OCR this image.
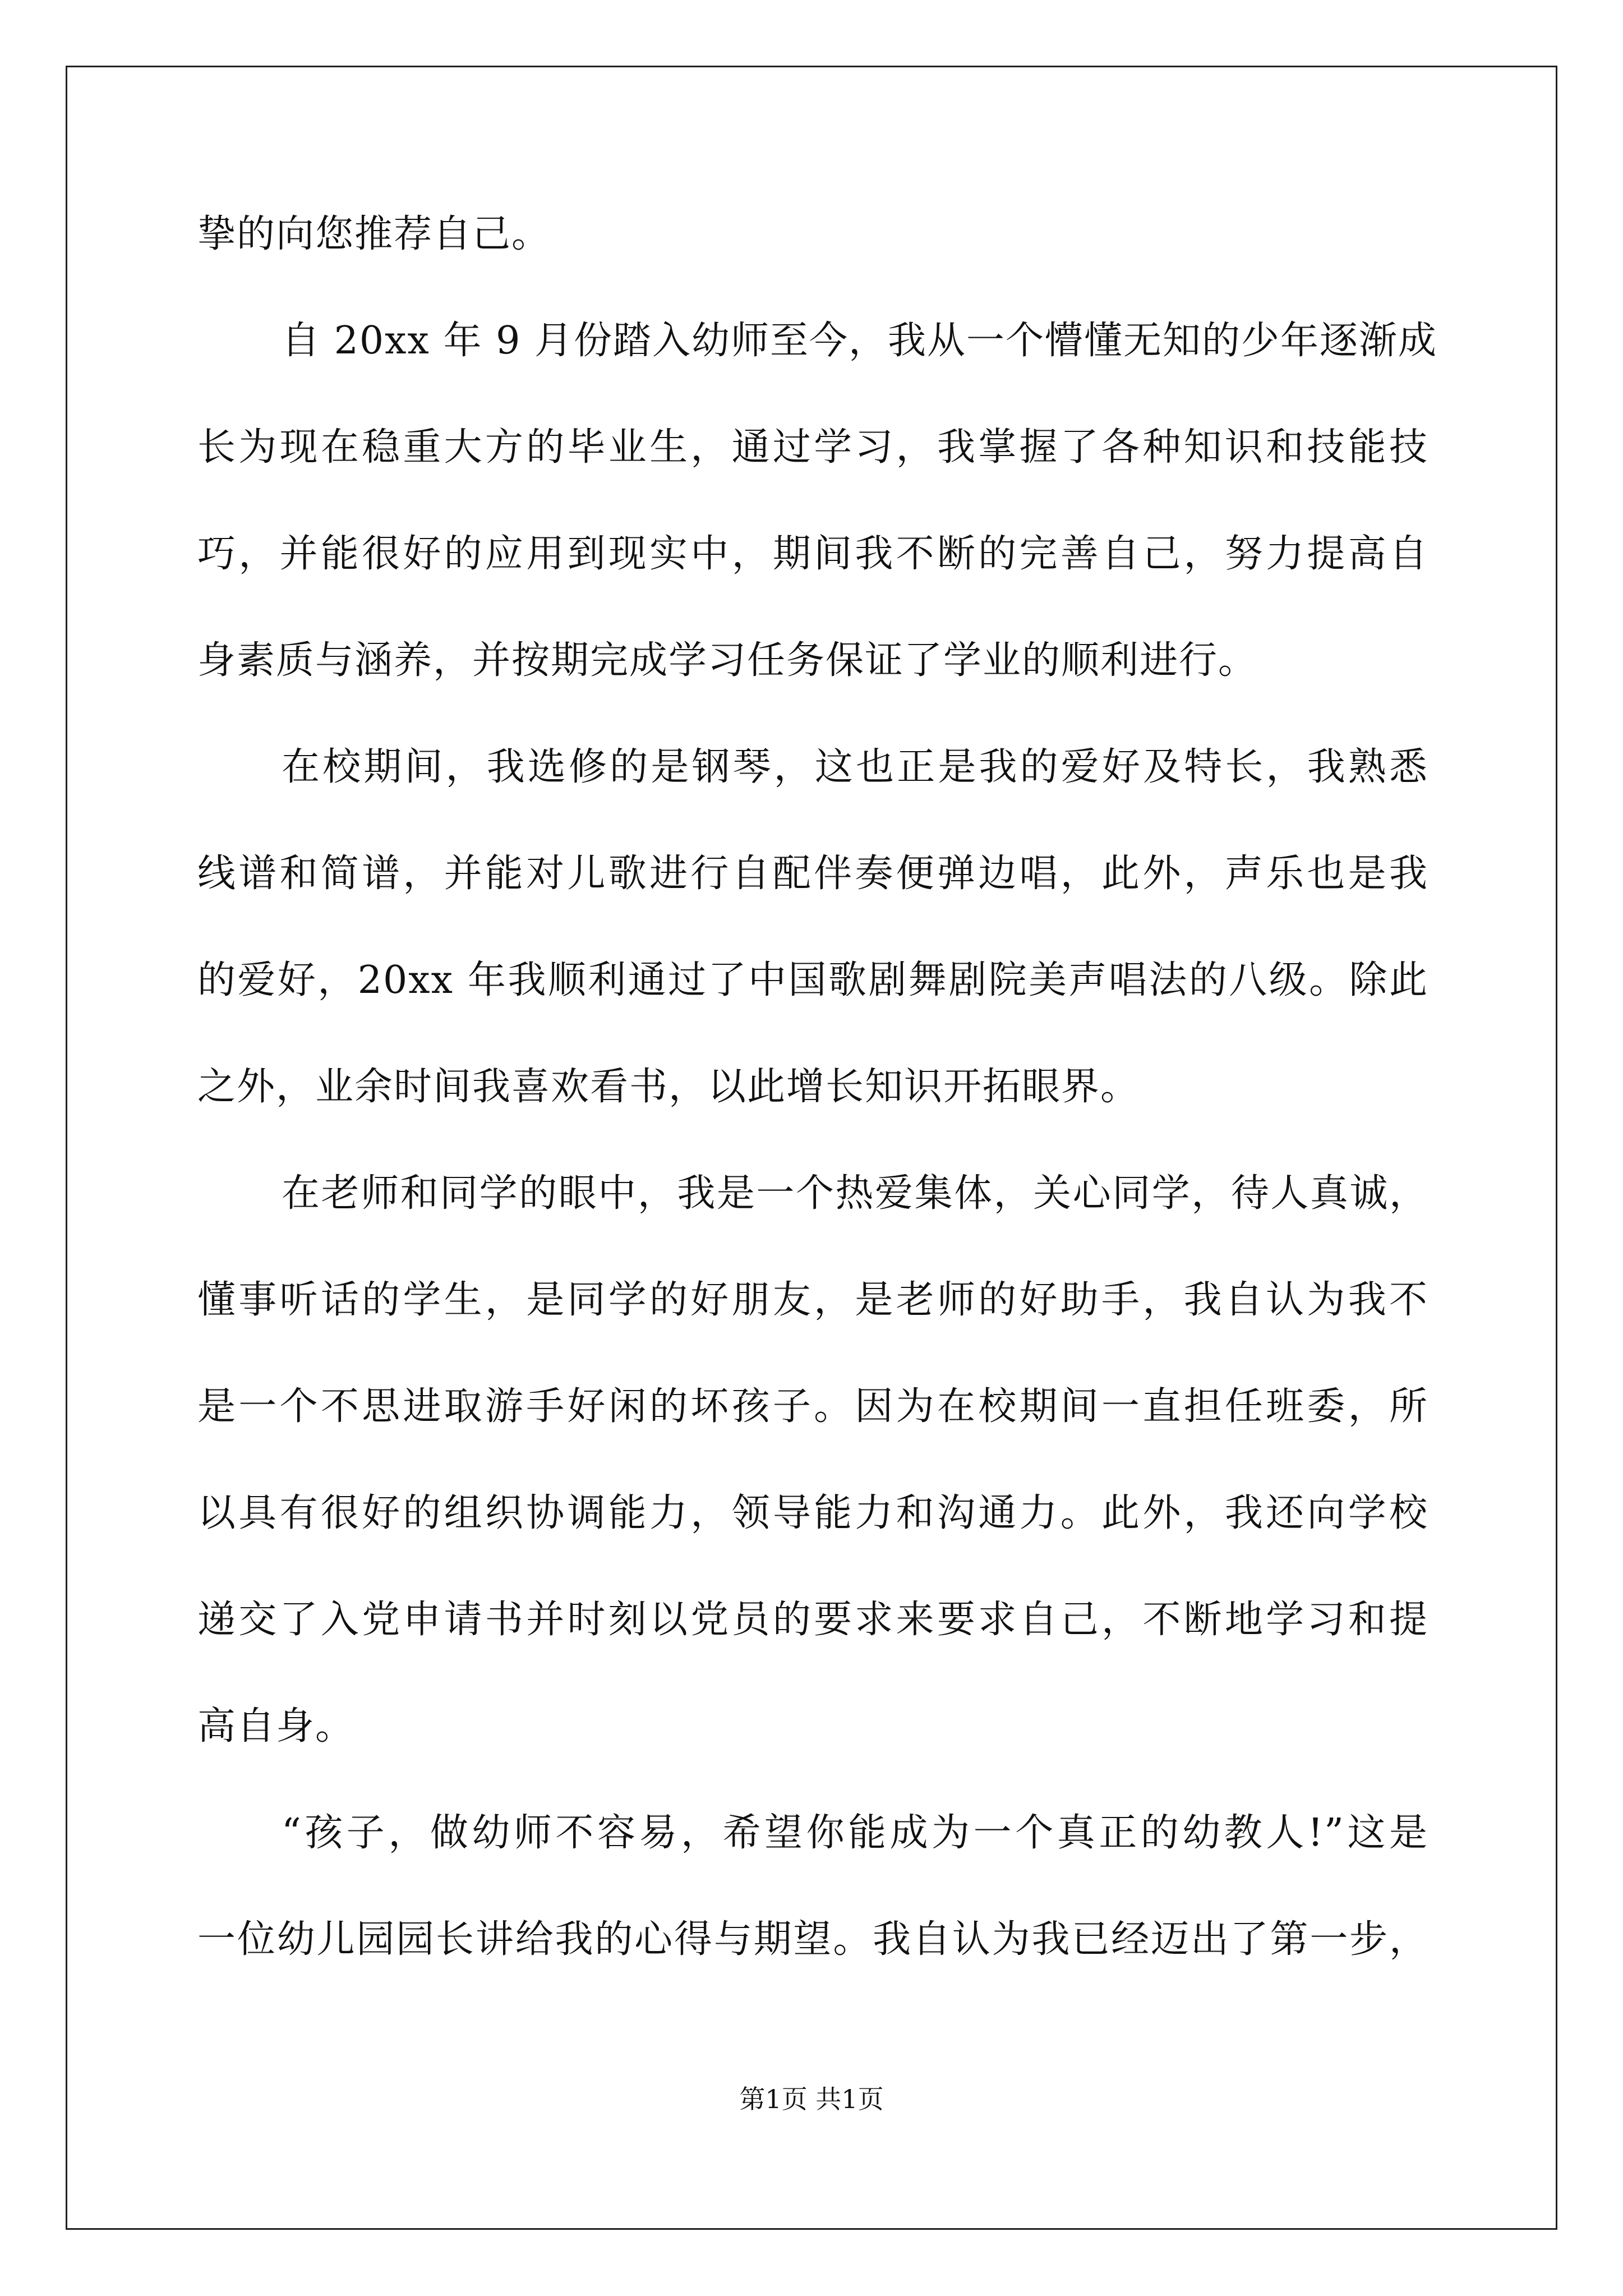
挚的向您推荐自己。
自 20xx 年 9 月份踏入幼师至今，我从一个懵懂无知的少年逐渐成
长为现在稳重大方的毕业生，通过学习，我掌握了各种知识和技能技
巧，并能很好的应用到现实中，期间我不断的完善自己，努力提高自
身素质与涵养，并按期完成学习任务保证了学业的顺利进行。
在校期间，我选修的是钢琴，这也正是我的爱好及特长，我熟悉
线谱和简谱，并能对儿歌进行自配伴奏便弹边唱，此外，声乐也是我
的爱好，20xx 年我顺利通过了中国歌剧舞剧院美声唱法的八级。除此
之外，业余时间我喜欢看书，以此增长知识开拓眼界。
在老师和同学的眼中，我是一个热爱集体，关心同学，待人真诚，
懂事听话的学生，是同学的好朋友，是老师的好助手，我自认为我不
是一个不思进取游手好闲的坏孩子。因为在校期间一直担任班委，所
以具有很好的组织协调能力，领导能力和沟通力。此外，我还向学校
递交了入党申请书并时刻以党员的要求来要求自己，不断地学习和提
高自身。
“孩子，做幼师不容易，希望你能成为一个真正的幼教人!”这是
一位幼儿园园长讲给我的心得与期望。我自认为我已经迈出了第一步，
第1页 共1页
